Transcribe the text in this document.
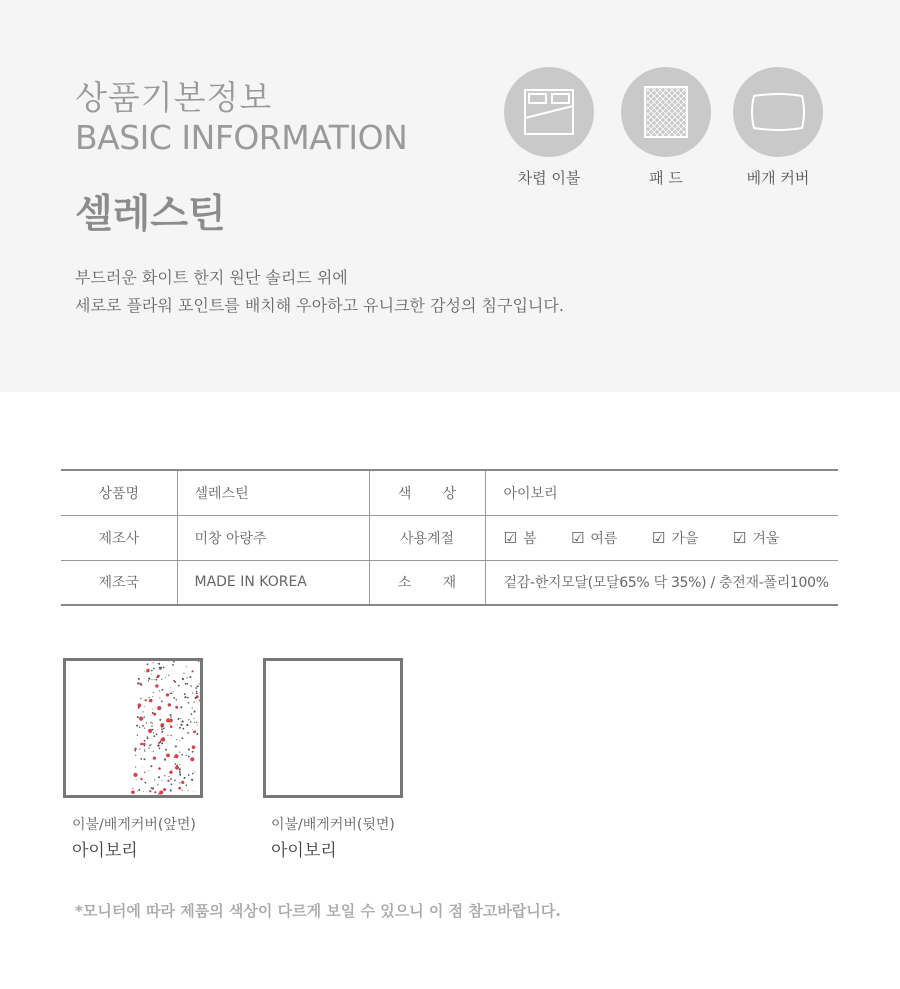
상품기본정보
BASIC INFORMATION
셀레스틴
부드러운 화이트 한지 원단 솔리드 위에
세로로 플라워 포인트를 배치해 우아하고 유니크한 감성의 침구입니다.
차렵 이불	패 드	베개 커버
상품명	셀레스틴	색       상	아이보리
제조사	미창 아랑주	사용계절	☑ 봄 ☑ 여름 ☑ 가을 ☑ 겨울
제조국	MADE IN KOREA	소       재	겉감-한지모달(모달65% 닥 35%) / 충전재-폴리100%
이불/배게커버(앞면)
아이보리
이불/배게커버(뒷면)
아이보리
*모니터에 따라 제품의 색상이 다르게 보일 수 있으니 이 점 참고바랍니다.
